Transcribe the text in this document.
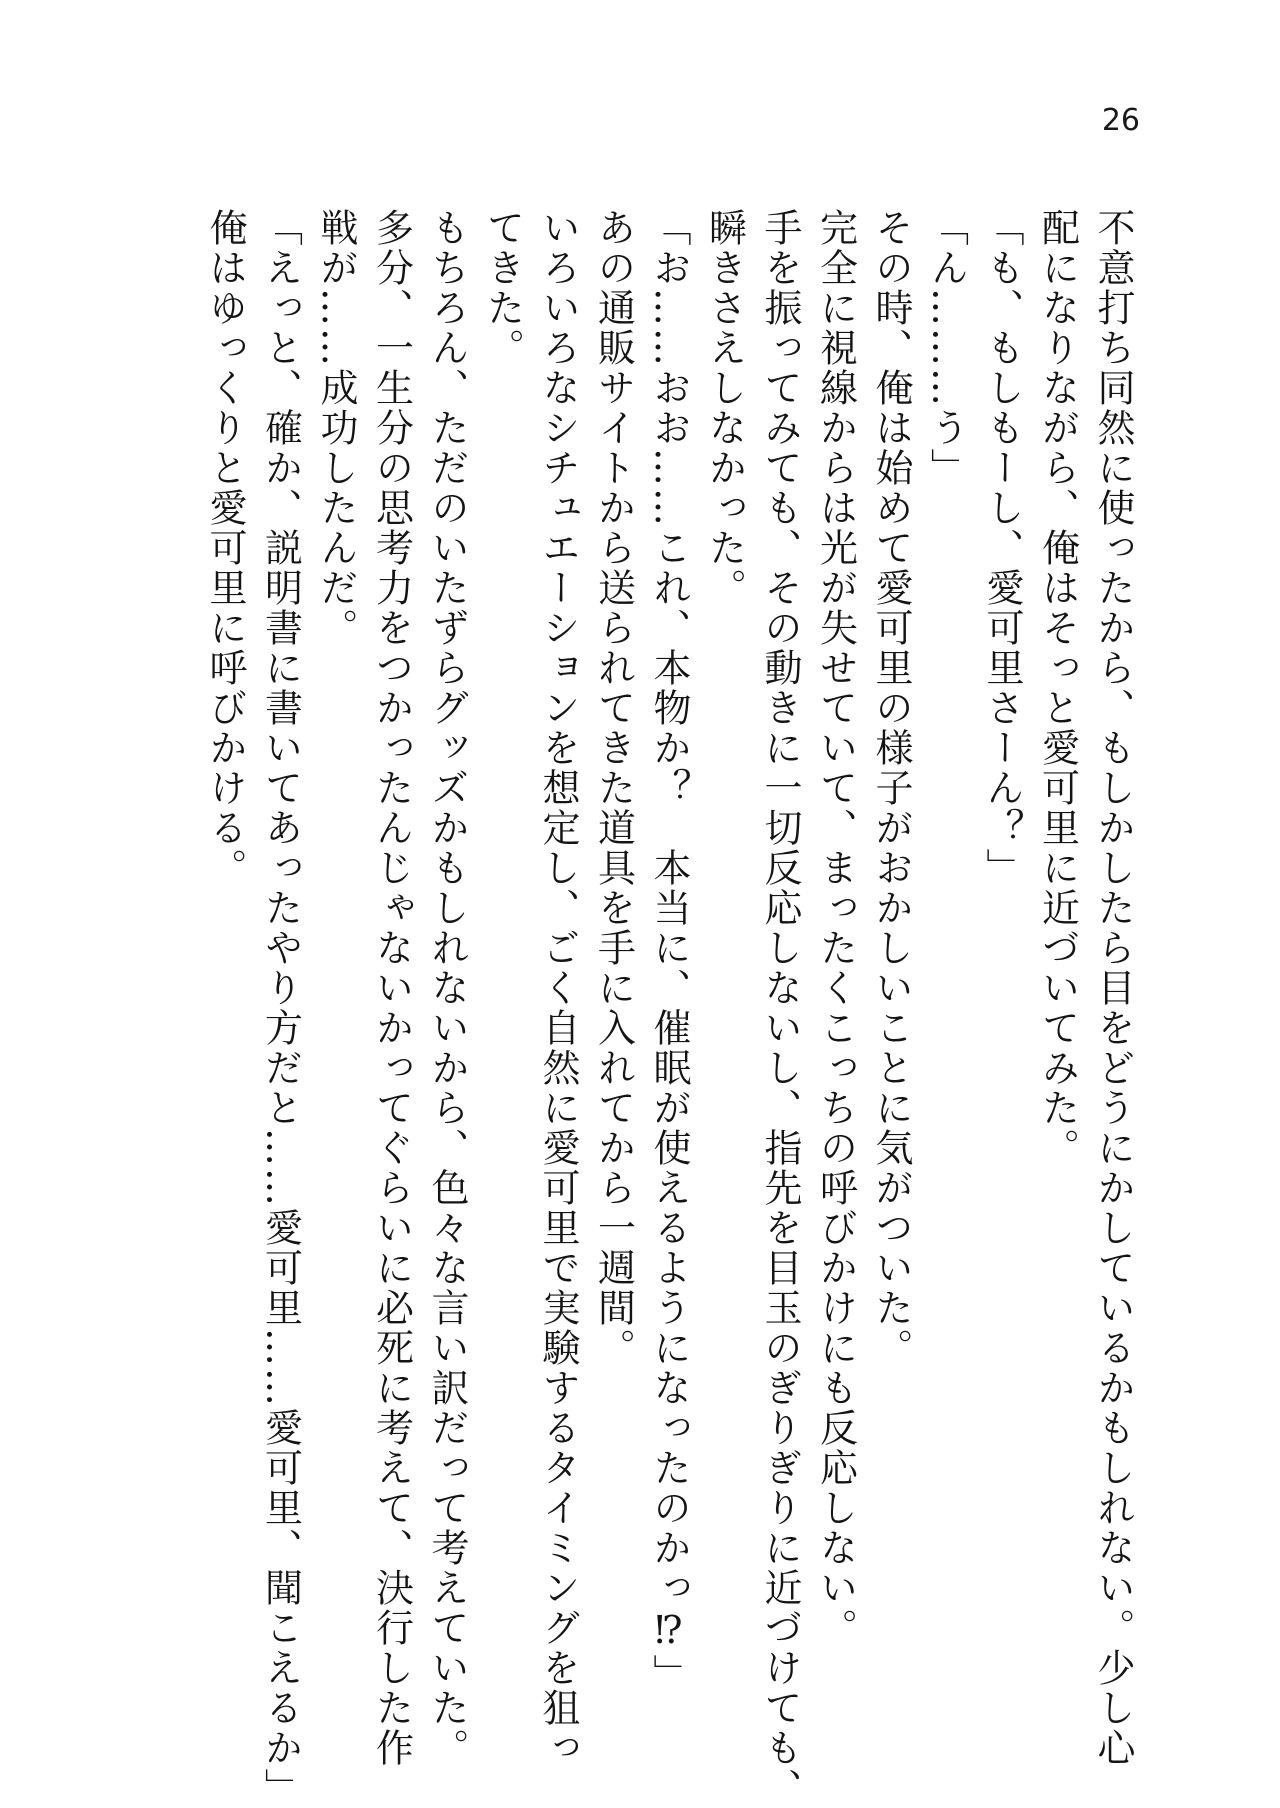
26
不意打ち同然に使ったから、もしかしたら目をどうにかしているかもしれない。少し心
配になりながら、俺はそっと愛可里に近づいてみた。
「も、もしもーし、愛可里さーん？」
「ん………う」
その時、俺は始めて愛可里の様子がおかしいことに気がついた。
完全に視線からは光が失せていて、まったくこっちの呼びかけにも反応しない。
手を振ってみても、その動きに一切反応しないし、指先を目玉のぎりぎりに近づけても、
瞬きさえしなかった。
「お……おお……これ、本物か？　本当に、催眠が使えるようになったのかっ⁉」
あの通販サイトから送られてきた道具を手に入れてから一週間。
いろいろなシチュエーションを想定し、ごく自然に愛可里で実験するタイミングを狙っ
てきた。
もちろん、ただのいたずらグッズかもしれないから、色々な言い訳だって考えていた。
多分、一生分の思考力をつかったんじゃないかってぐらいに必死に考えて、決行した作
戦が……成功したんだ。
「えっと、確か、説明書に書いてあったやり方だと……愛可里……愛可里、聞こえるか」
俺はゆっくりと愛可里に呼びかける。
